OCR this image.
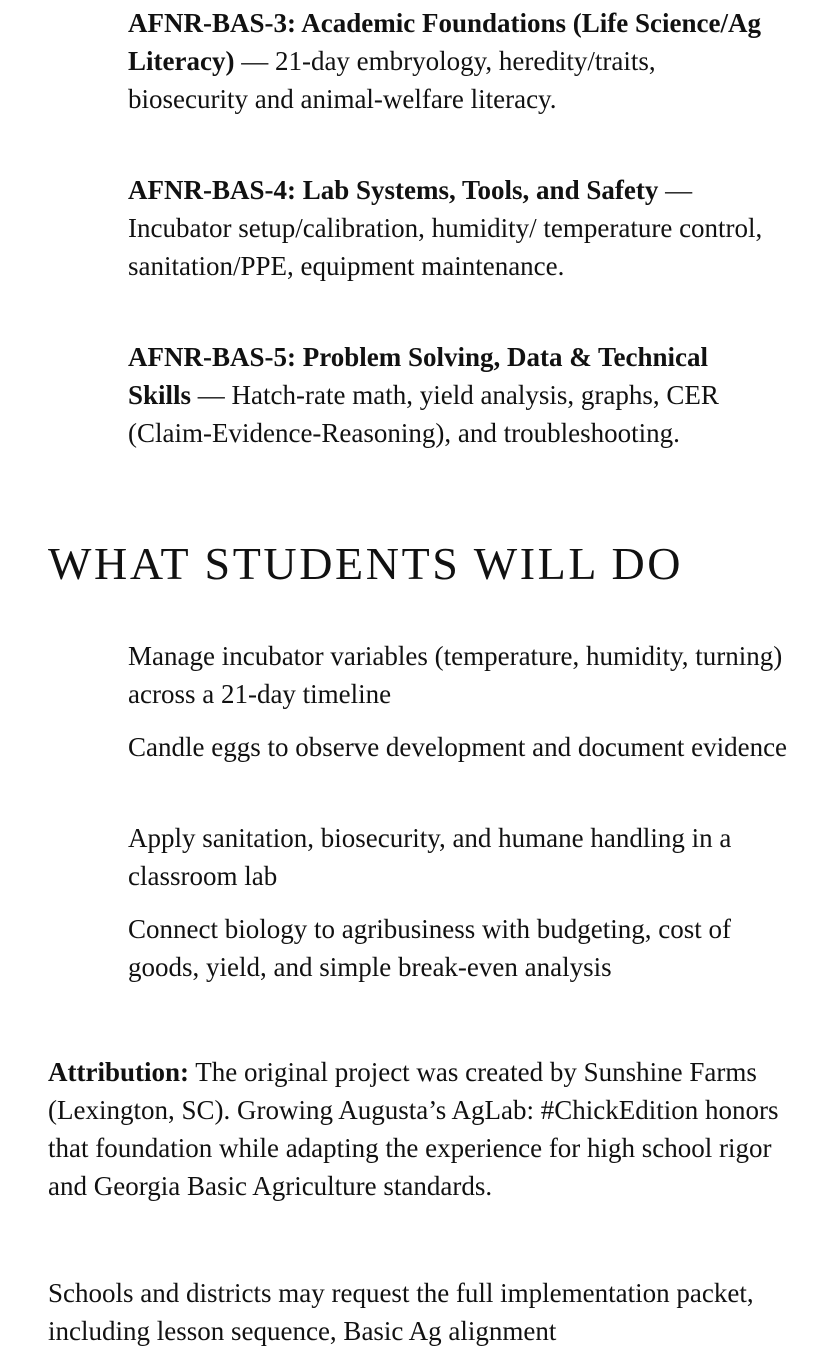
AFNR-BAS-3: Academic Foundations (Life Science/Ag Literacy) — 21-day embryology, heredity/traits, biosecurity and animal-welfare literacy.

AFNR-BAS-4: Lab Systems, Tools, and Safety — Incubator setup/calibration, humidity/ temperature control, sanitation/PPE, equipment maintenance.

AFNR-BAS-5: Problem Solving, Data & Technical Skills — Hatch-rate math, yield analysis, graphs, CER (Claim-Evidence-Reasoning), and troubleshooting.

WHAT STUDENTS WILL DO

Manage incubator variables (temperature, humidity, turning) across a 21-day timeline

Candle eggs to observe development and document evidence

Apply sanitation, biosecurity, and humane handling in a classroom lab

Connect biology to agribusiness with budgeting, cost of goods, yield, and simple break-even analysis

Attribution: The original project was created by Sunshine Farms (Lexington, SC). Growing Augusta’s AgLab: #ChickEdition honors that foundation while adapting the experience for high school rigor and Georgia Basic Agriculture standards.

Schools and districts may request the full implementation packet, including lesson sequence, Basic Ag alignment
